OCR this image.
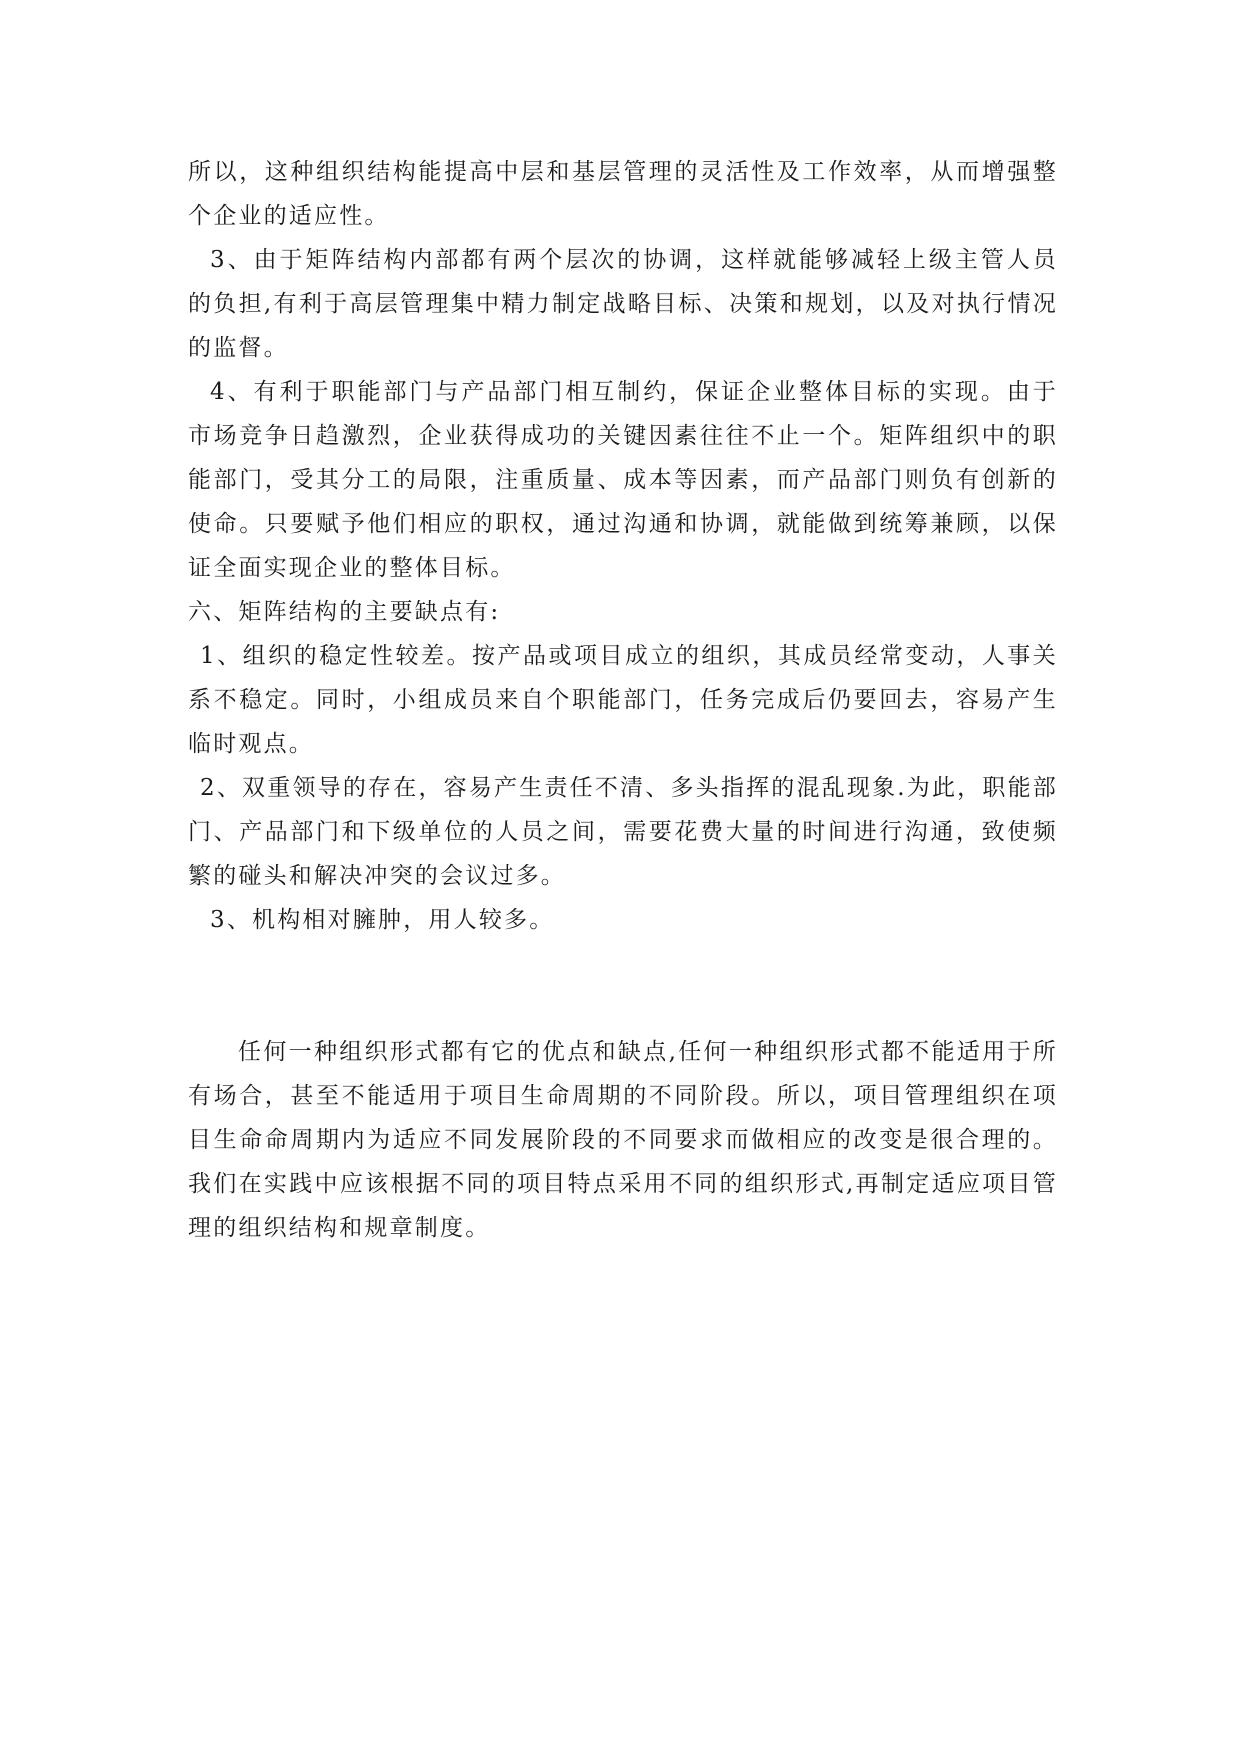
所以，这种组织结构能提高中层和基层管理的灵活性及工作效率，从而增强整个企业的适应性。

3、由于矩阵结构内部都有两个层次的协调，这样就能够减轻上级主管人员的负担,有利于高层管理集中精力制定战略目标、决策和规划，以及对执行情况的监督。

4、有利于职能部门与产品部门相互制约，保证企业整体目标的实现。由于市场竞争日趋激烈，企业获得成功的关键因素往往不止一个。矩阵组织中的职能部门，受其分工的局限，注重质量、成本等因素，而产品部门则负有创新的使命。只要赋予他们相应的职权，通过沟通和协调，就能做到统筹兼顾，以保证全面实现企业的整体目标。

六、矩阵结构的主要缺点有:

1、组织的稳定性较差。按产品或项目成立的组织，其成员经常变动，人事关系不稳定。同时，小组成员来自个职能部门，任务完成后仍要回去，容易产生临时观点。

2、双重领导的存在，容易产生责任不清、多头指挥的混乱现象.为此，职能部门、产品部门和下级单位的人员之间，需要花费大量的时间进行沟通，致使频繁的碰头和解决冲突的会议过多。

3、机构相对臃肿，用人较多。

任何一种组织形式都有它的优点和缺点,任何一种组织形式都不能适用于所有场合，甚至不能适用于项目生命周期的不同阶段。所以，项目管理组织在项目生命命周期内为适应不同发展阶段的不同要求而做相应的改变是很合理的。我们在实践中应该根据不同的项目特点采用不同的组织形式,再制定适应项目管理的组织结构和规章制度。
